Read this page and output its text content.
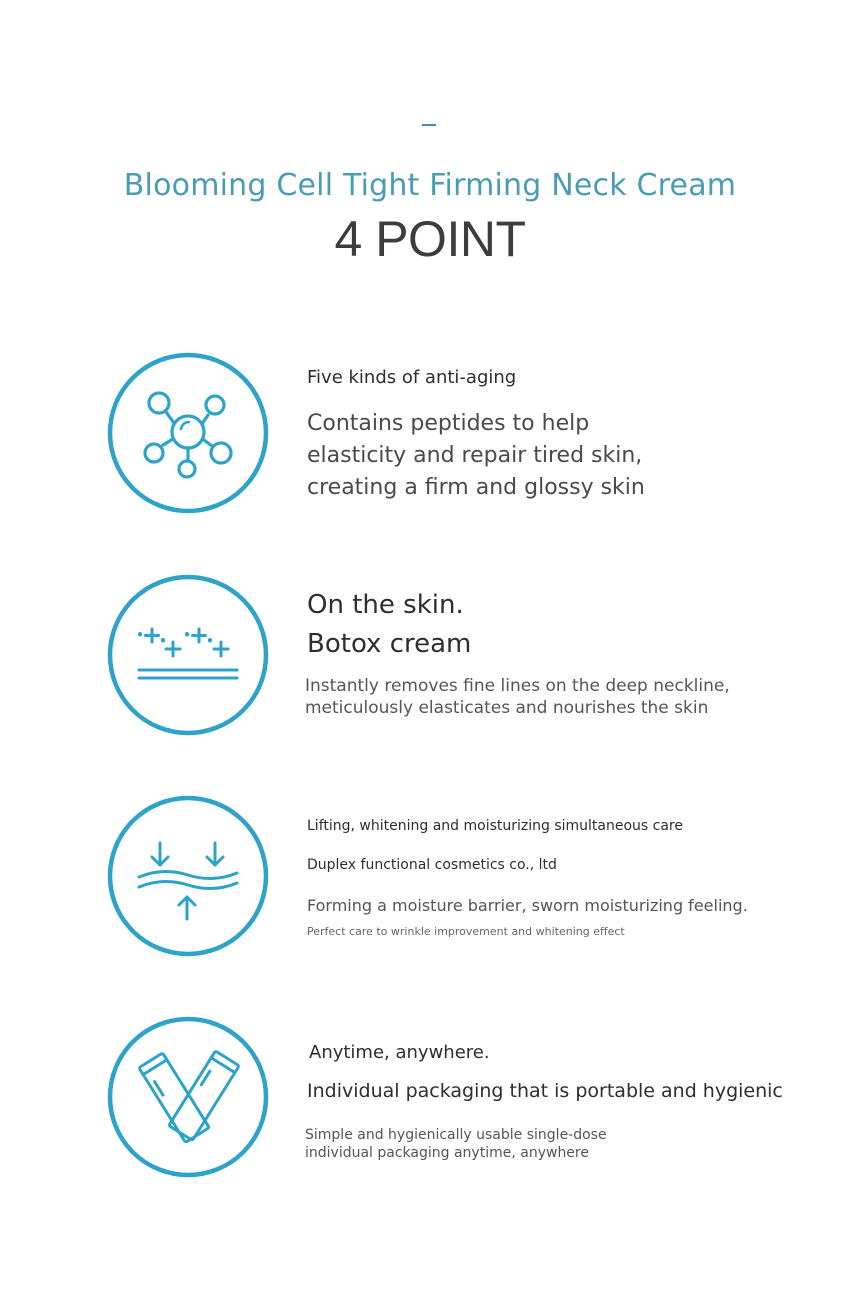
Blooming Cell Tight Firming Neck Cream
4 POINT
Five kinds of anti-aging
Contains peptides to help
elasticity and repair tired skin,
creating a firm and glossy skin
On the skin.
Botox cream
Instantly removes fine lines on the deep neckline,
meticulously elasticates and nourishes the skin
Lifting, whitening and moisturizing simultaneous care
Duplex functional cosmetics co., ltd
Forming a moisture barrier, sworn moisturizing feeling.
Perfect care to wrinkle improvement and whitening effect
Anytime, anywhere.
Individual packaging that is portable and hygienic
Simple and hygienically usable single-dose
individual packaging anytime, anywhere
